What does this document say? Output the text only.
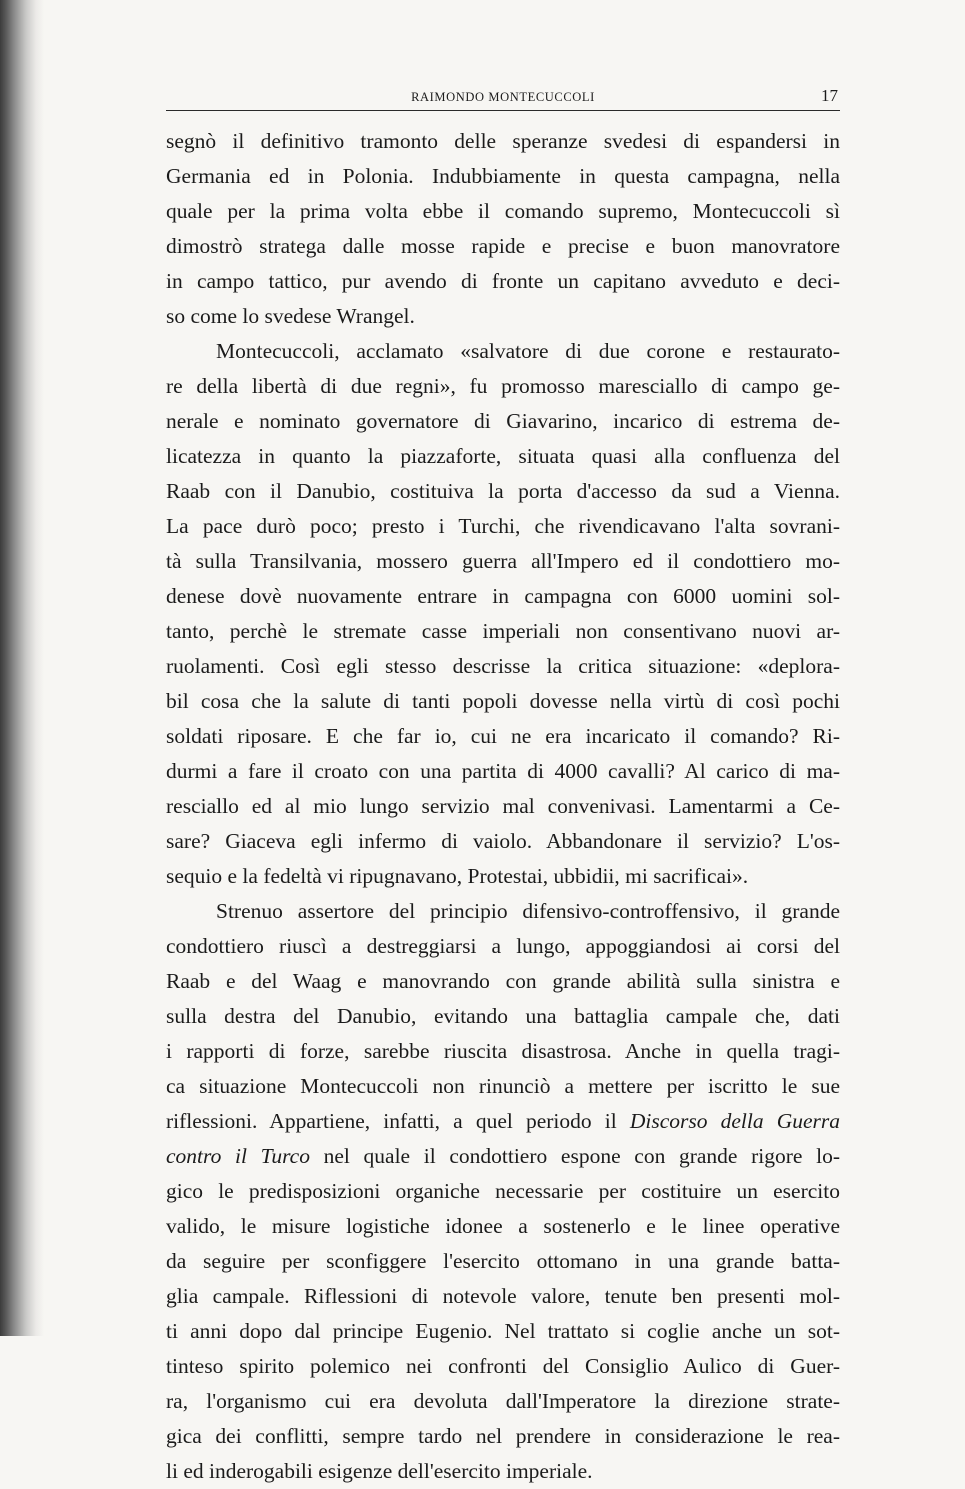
RAIMONDO MONTECUCCOLI	17
segnò il definitivo tramonto delle speranze svedesi di espandersi in
Germania ed in Polonia. Indubbiamente in questa campagna, nella
quale per la prima volta ebbe il comando supremo, Montecuccoli sì
dimostrò stratega dalle mosse rapide e precise e buon manovratore
in campo tattico, pur avendo di fronte un capitano avveduto e deci-
so come lo svedese Wrangel.
Montecuccoli, acclamato «salvatore di due corone e restaurato-
re della libertà di due regni», fu promosso maresciallo di campo ge-
nerale e nominato governatore di Giavarino, incarico di estrema de-
licatezza in quanto la piazzaforte, situata quasi alla confluenza del
Raab con il Danubio, costituiva la porta d'accesso da sud a Vienna.
La pace durò poco; presto i Turchi, che rivendicavano l'alta sovrani-
tà sulla Transilvania, mossero guerra all'Impero ed il condottiero mo-
denese dovè nuovamente entrare in campagna con 6000 uomini sol-
tanto, perchè le stremate casse imperiali non consentivano nuovi ar-
ruolamenti. Così egli stesso descrisse la critica situazione: «deplora-
bil cosa che la salute di tanti popoli dovesse nella virtù di così pochi
soldati riposare. E che far io, cui ne era incaricato il comando? Ri-
durmi a fare il croato con una partita di 4000 cavalli? Al carico di ma-
resciallo ed al mio lungo servizio mal convenivasi. Lamentarmi a Ce-
sare? Giaceva egli infermo di vaiolo. Abbandonare il servizio? L'os-
sequio e la fedeltà vi ripugnavano, Protestai, ubbidii, mi sacrificai».
Strenuo assertore del principio difensivo-controffensivo, il grande
condottiero riuscì a destreggiarsi a lungo, appoggiandosi ai corsi del
Raab e del Waag e manovrando con grande abilità sulla sinistra e
sulla destra del Danubio, evitando una battaglia campale che, dati
i rapporti di forze, sarebbe riuscita disastrosa. Anche in quella tragi-
ca situazione Montecuccoli non rinunciò a mettere per iscritto le sue
riflessioni. Appartiene, infatti, a quel periodo il Discorso della Guerra
contro il Turco nel quale il condottiero espone con grande rigore lo-
gico le predisposizioni organiche necessarie per costituire un esercito
valido, le misure logistiche idonee a sostenerlo e le linee operative
da seguire per sconfiggere l'esercito ottomano in una grande batta-
glia campale. Riflessioni di notevole valore, tenute ben presenti mol-
ti anni dopo dal principe Eugenio. Nel trattato si coglie anche un sot-
tinteso spirito polemico nei confronti del Consiglio Aulico di Guer-
ra, l'organismo cui era devoluta dall'Imperatore la direzione strate-
gica dei conflitti, sempre tardo nel prendere in considerazione le rea-
li ed inderogabili esigenze dell'esercito imperiale.
